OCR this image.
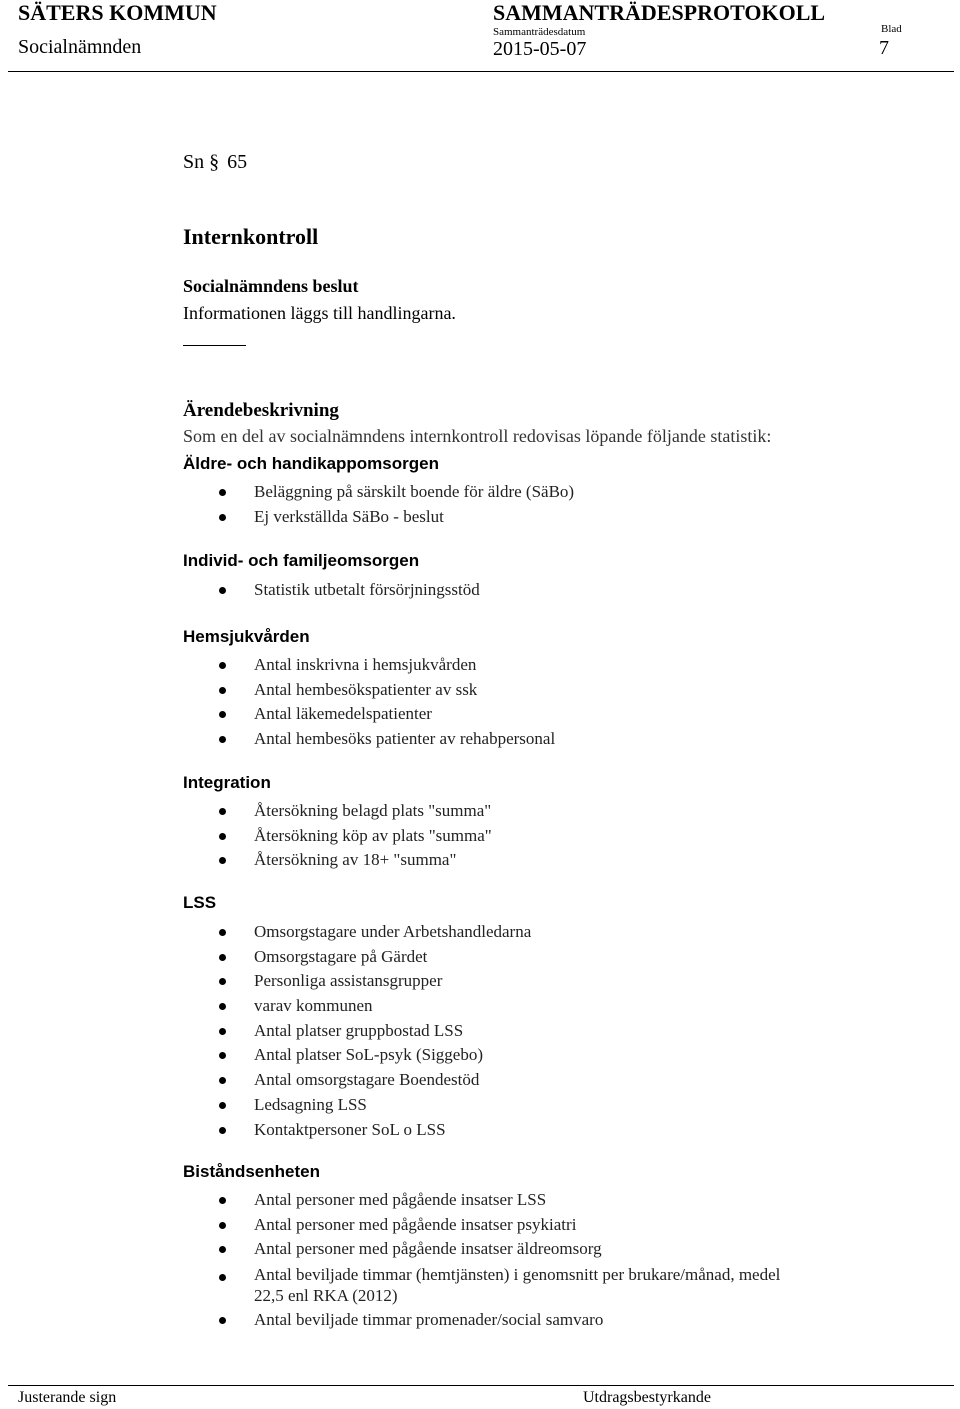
SÄTERS KOMMUN
Socialnämnden
SAMMANTRÄDESPROTOKOLL
Sammanträdesdatum
2015-05-07
Blad
7
Sn § 65
Internkontroll
Socialnämndens beslut
Informationen läggs till handlingarna.
Ärendebeskrivning
Som en del av socialnämndens internkontroll redovisas löpande följande statistik:
Äldre- och handikappomsorgen
Beläggning på särskilt boende för äldre (SäBo)
Ej verkställda SäBo - beslut
Individ- och familjeomsorgen
Statistik utbetalt försörjningsstöd
Hemsjukvården
Antal inskrivna i hemsjukvården
Antal hembesökspatienter av ssk
Antal läkemedelspatienter
Antal hembesöks patienter av rehabpersonal
Integration
Återsökning belagd plats "summa"
Återsökning köp av plats "summa"
Återsökning av 18+ "summa"
LSS
Omsorgstagare under Arbetshandledarna
Omsorgstagare på Gärdet
Personliga assistansgrupper
varav kommunen
Antal platser gruppbostad LSS
Antal platser SoL-psyk (Siggebo)
Antal omsorgstagare Boendestöd
Ledsagning LSS
Kontaktpersoner SoL o LSS
Biståndsenheten
Antal personer med pågående insatser LSS
Antal personer med pågående insatser psykiatri
Antal personer med pågående insatser äldreomsorg
Antal beviljade timmar (hemtjänsten) i genomsnitt per brukare/månad, medel 22,5 enl RKA (2012)
Antal beviljade timmar promenader/social samvaro
Justerande sign	Utdragsbestyrkande
